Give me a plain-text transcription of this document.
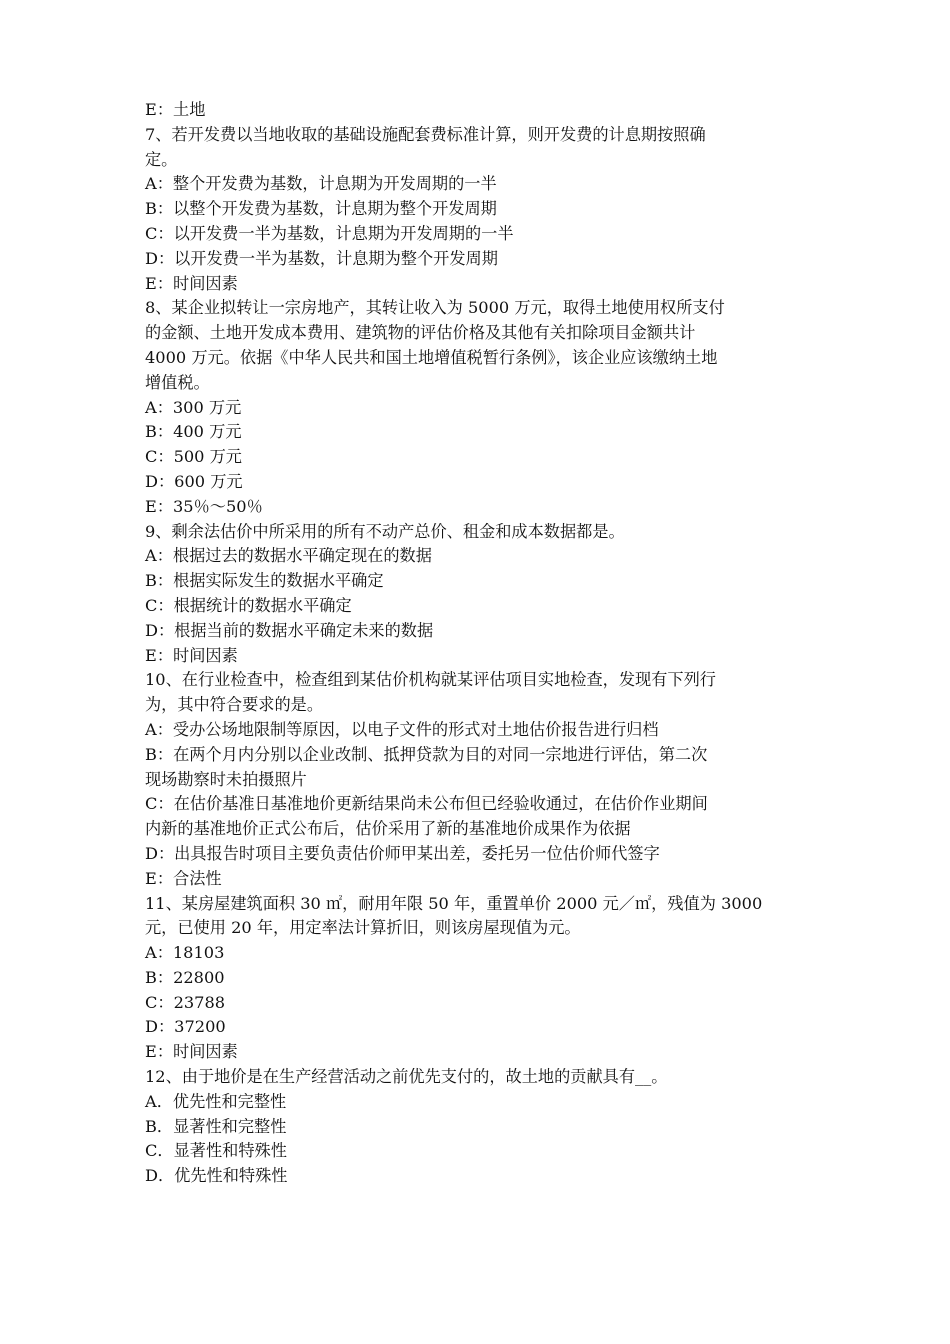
E：土地

7、若开发费以当地收取的基础设施配套费标准计算，则开发费的计息期按照确

定。

A：整个开发费为基数，计息期为开发周期的一半

B：以整个开发费为基数，计息期为整个开发周期

C：以开发费一半为基数，计息期为开发周期的一半

D：以开发费一半为基数，计息期为整个开发周期

E：时间因素

8、某企业拟转让一宗房地产，其转让收入为 5000 万元，取得土地使用权所支付

的金额、土地开发成本费用、建筑物的评估价格及其他有关扣除项目金额共计

4000 万元。依据《中华人民共和国土地增值税暂行条例》，该企业应该缴纳土地

增值税。

A：300 万元

B：400 万元

C：500 万元

D：600 万元

E：35％～50％

9、剩余法估价中所采用的所有不动产总价、租金和成本数据都是。

A：根据过去的数据水平确定现在的数据

B：根据实际发生的数据水平确定

C：根据统计的数据水平确定

D：根据当前的数据水平确定未来的数据

E：时间因素

10、在行业检查中，检查组到某估价机构就某评估项目实地检查，发现有下列行

为，其中符合要求的是。

A：受办公场地限制等原因，以电子文件的形式对土地估价报告进行归档

B：在两个月内分别以企业改制、抵押贷款为目的对同一宗地进行评估，第二次

现场勘察时未拍摄照片

C：在估价基准日基准地价更新结果尚未公布但已经验收通过，在估价作业期间

内新的基准地价正式公布后，估价采用了新的基准地价成果作为依据

D：出具报告时项目主要负责估价师甲某出差，委托另一位估价师代签字

E：合法性

11、某房屋建筑面积 30 ㎡，耐用年限 50 年，重置单价 2000 元／㎡，残值为 3000

元，已使用 20 年，用定率法计算折旧，则该房屋现值为元。

A：18103

B：22800

C：23788

D：37200

E：时间因素

12、由于地价是在生产经营活动之前优先支付的，故土地的贡献具有__。

A．优先性和完整性

B．显著性和完整性

C．显著性和特殊性

D．优先性和特殊性
